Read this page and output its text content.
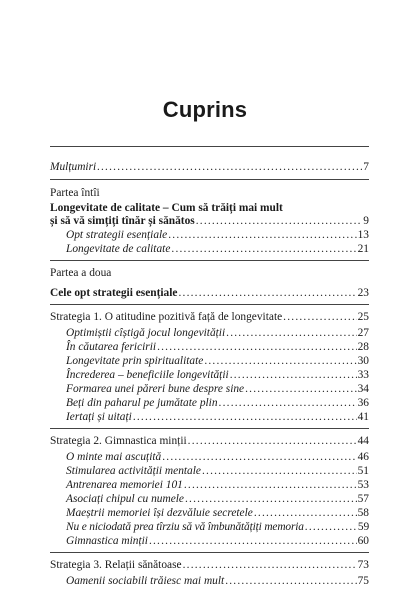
Cuprins
Mulțumiri .....	7
Partea întîi
Longevitate de calitate – Cum să trăiți mai mult
și să vă simțiți tînăr și sănătos .....	9
Opt strategii esențiale .....	13
Longevitate de calitate .....	21
Partea a doua
Cele opt strategii esențiale .....	23
Strategia 1. O atitudine pozitivă față de longevitate .....	25
Optimiștii cîștigă jocul longevității .....	27
În căutarea fericirii .....	28
Longevitate prin spiritualitate .....	30
Încrederea – beneficiile longevității .....	33
Formarea unei păreri bune despre sine .....	34
Beți din paharul pe jumătate plin .....	36
Iertați și uitați .....	41
Strategia 2. Gimnastica minții .....	44
O minte mai ascuțită .....	46
Stimularea activității mentale .....	51
Antrenarea memoriei 101 .....	53
Asociați chipul cu numele .....	57
Maeștrii memoriei își dezvăluie secretele .....	58
Nu e niciodată prea tîrziu să vă îmbunătățiți memoria .....	59
Gimnastica minții .....	60
Strategia 3. Relații sănătoase .....	73
Oamenii sociabili trăiesc mai mult .....	75
